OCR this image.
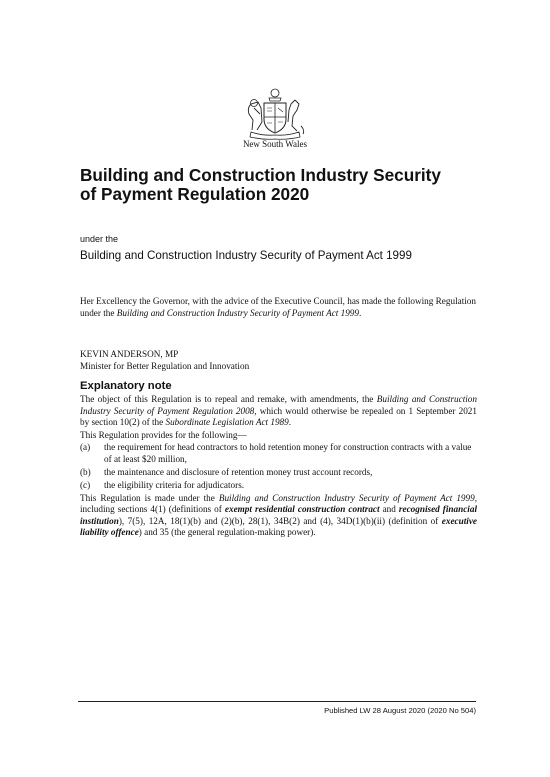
New South Wales
Building and Construction Industry Security
of Payment Regulation 2020
under the
Building and Construction Industry Security of Payment Act 1999
Her Excellency the Governor, with the advice of the Executive Council, has made the following Regulation under the Building and Construction Industry Security of Payment Act 1999.
KEVIN ANDERSON, MP
Minister for Better Regulation and Innovation
Explanatory note

The object of this Regulation is to repeal and remake, with amendments, the Building and Construction Industry Security of Payment Regulation 2008, which would otherwise be repealed on 1 September 2021 by section 10(2) of the Subordinate Legislation Act 1989.

This Regulation provides for the following—

(a)	the requirement for head contractors to hold retention money for construction contracts with a value of at least $20 million,
(b)	the maintenance and disclosure of retention money trust account records,
(c)	the eligibility criteria for adjudicators.

This Regulation is made under the Building and Construction Industry Security of Payment Act 1999, including sections 4(1) (definitions of exempt residential construction contract and recognised financial institution), 7(5), 12A, 18(1)(b) and (2)(b), 28(1), 34B(2) and (4), 34D(1)(b)(ii) (definition of executive liability offence) and 35 (the general regulation-making power).

Published LW 28 August 2020 (2020 No 504)
